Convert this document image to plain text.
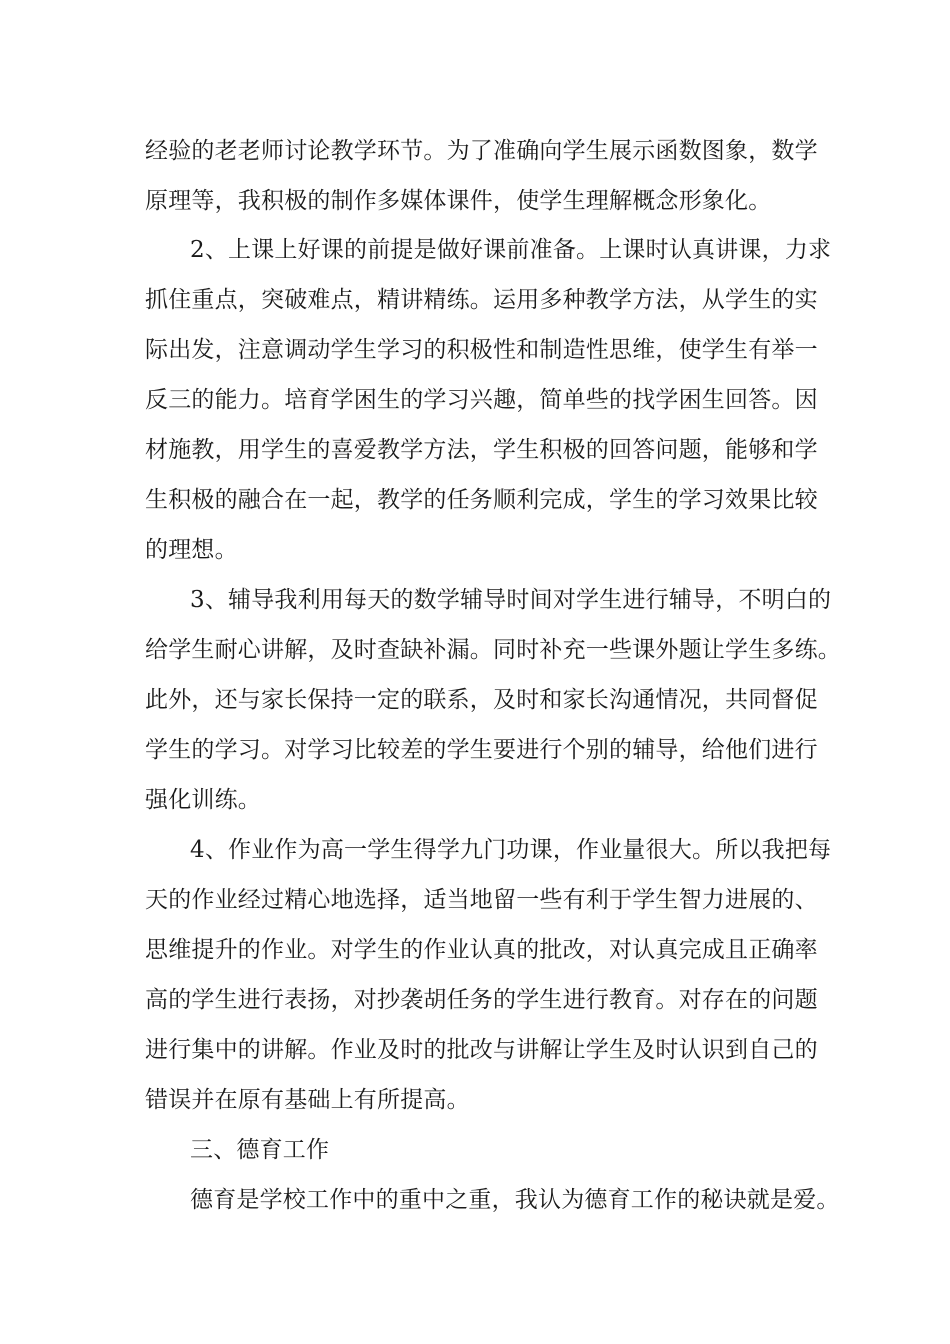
经验的老老师讨论教学环节。为了准确向学生展示函数图象，数学
原理等，我积极的制作多媒体课件，使学生理解概念形象化。
2、上课上好课的前提是做好课前准备。上课时认真讲课，力求
抓住重点，突破难点，精讲精练。运用多种教学方法，从学生的实
际出发，注意调动学生学习的积极性和制造性思维，使学生有举一
反三的能力。培育学困生的学习兴趣，简单些的找学困生回答。因
材施教，用学生的喜爱教学方法，学生积极的回答问题，能够和学
生积极的融合在一起，教学的任务顺利完成，学生的学习效果比较
的理想。
3、辅导我利用每天的数学辅导时间对学生进行辅导，不明白的
给学生耐心讲解，及时查缺补漏。同时补充一些课外题让学生多练。
此外，还与家长保持一定的联系，及时和家长沟通情况，共同督促
学生的学习。对学习比较差的学生要进行个别的辅导，给他们进行
强化训练。
4、作业作为高一学生得学九门功课，作业量很大。所以我把每
天的作业经过精心地选择，适当地留一些有利于学生智力进展的、
思维提升的作业。对学生的作业认真的批改，对认真完成且正确率
高的学生进行表扬，对抄袭胡任务的学生进行教育。对存在的问题
进行集中的讲解。作业及时的批改与讲解让学生及时认识到自己的
错误并在原有基础上有所提高。
三、德育工作
德育是学校工作中的重中之重，我认为德育工作的秘诀就是爱。
